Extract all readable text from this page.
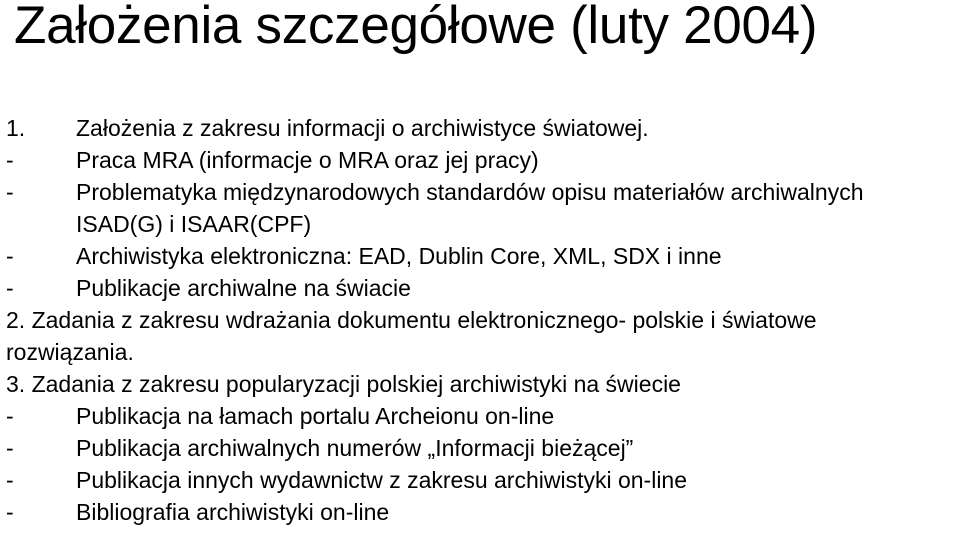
Założenia szczegółowe (luty 2004)
1.	Założenia z zakresu informacji o archiwistyce światowej.
-	Praca MRA (informacje o MRA oraz jej pracy)
-	Problematyka międzynarodowych standardów opisu materiałów archiwalnych ISAD(G) i ISAAR(CPF)
-	Archiwistyka elektroniczna: EAD, Dublin Core, XML, SDX i inne
-	Publikacje archiwalne na świacie
2. Zadania z zakresu wdrażania dokumentu elektronicznego- polskie i światowe rozwiązania.
3. Zadania z zakresu popularyzacji polskiej archiwistyki na świecie
-	Publikacja na łamach portalu Archeionu on-line
-	Publikacja archiwalnych numerów „Informacji bieżącej”
-	Publikacja innych wydawnictw z zakresu archiwistyki on-line
-	Bibliografia archiwistyki on-line
